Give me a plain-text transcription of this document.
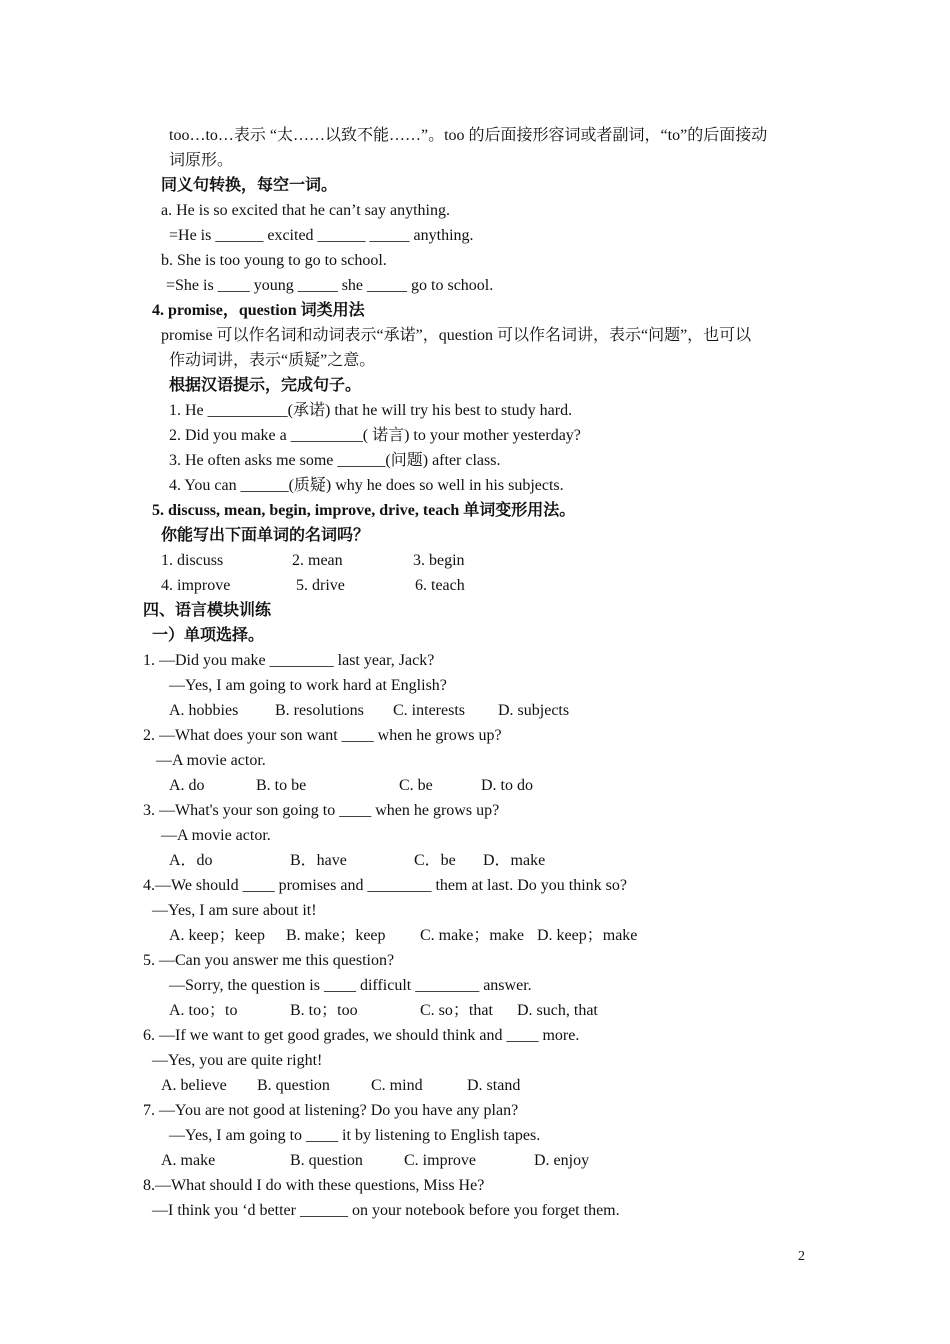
too…to…表示 “太……以致不能……”。too 的后面接形容词或者副词，“to”的后面接动
词原形。
同义句转换，每空一词。
a. He is so excited that he can’t say anything.
=He is ______ excited ______ _____ anything.
b. She is too young to go to school.
=She is ____ young _____ she _____ go to school.
4. promise，question 词类用法
promise 可以作名词和动词表示“承诺”，question 可以作名词讲，表示“问题”，也可以
作动词讲，表示“质疑”之意。
根据汉语提示，完成句子。
1. He __________(承诺) that he will try his best to study hard.
2. Did you make a _________( 诺言) to your mother yesterday?
3. He often asks me some ______(问题) after class.
4. You can ______(质疑) why he does so well in his subjects.
5. discuss, mean, begin, improve, drive, teach 单词变形用法。
你能写出下面单词的名词吗？
1. discuss	2. mean	3. begin
4. improve	5. drive	6. teach
四、语言模块训练
一）单项选择。
1. —Did you make ________ last year, Jack?
—Yes, I am going to work hard at English?
A. hobbies B. resolutions C. interests D. subjects
2. —What does your son want ____ when he grows up?
—A movie actor.
A. do	B. to be	C. be	D. to do
3. —What's your son going to ____ when he grows up?
—A movie actor.
A．do	B．have	C．be D．make
4.—We should ____ promises and ________ them at last. Do you think so?
—Yes, I am sure about it!
A. keep；keep B. make；keep C. make；make D. keep；make
5. —Can you answer me this question?
—Sorry, the question is ____ difficult ________ answer.
A. too；to	B. to；too	C. so；that D. such, that
6. —If we want to get good grades, we should think and ____ more.
—Yes, you are quite right!
A. believe B. question	C. mind	D. stand
7. —You are not good at listening? Do you have any plan?
—Yes, I am going to ____ it by listening to English tapes.
A. make	B. question	C. improve	D. enjoy
8.—What should I do with these questions, Miss He?
—I think you ‘d better ______ on your notebook before you forget them.
2
